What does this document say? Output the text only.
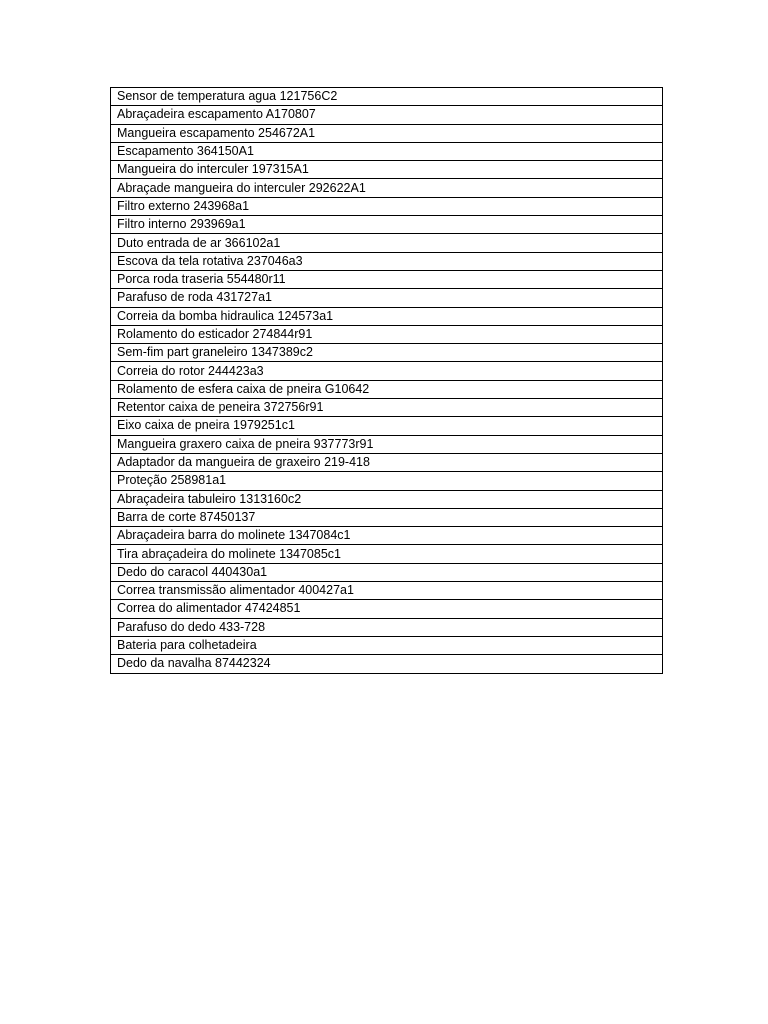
Sensor de temperatura agua 121756C2
Abraçadeira escapamento A170807
Mangueira escapamento 254672A1
Escapamento 364150A1
Mangueira do interculer 197315A1
Abraçade mangueira do interculer 292622A1
Filtro externo 243968a1
Filtro interno 293969a1
Duto entrada de ar 366102a1
Escova da tela rotativa 237046a3
Porca roda traseria 554480r11
Parafuso de roda 431727a1
Correia da bomba hidraulica 124573a1
Rolamento do esticador 274844r91
Sem-fim part graneleiro 1347389c2
Correia do rotor 244423a3
Rolamento de esfera caixa de pneira G10642
Retentor caixa de peneira 372756r91
Eixo caixa de pneira 1979251c1
Mangueira graxero caixa de pneira 937773r91
Adaptador da mangueira de graxeiro 219-418
Proteção 258981a1
Abraçadeira tabuleiro 1313160c2
Barra de corte 87450137
Abraçadeira barra do molinete 1347084c1
Tira abraçadeira do molinete 1347085c1
Dedo do caracol 440430a1
Correa transmissão alimentador 400427a1
Correa do alimentador 47424851
Parafuso do dedo 433-728
Bateria para colhetadeira
Dedo da navalha 87442324
